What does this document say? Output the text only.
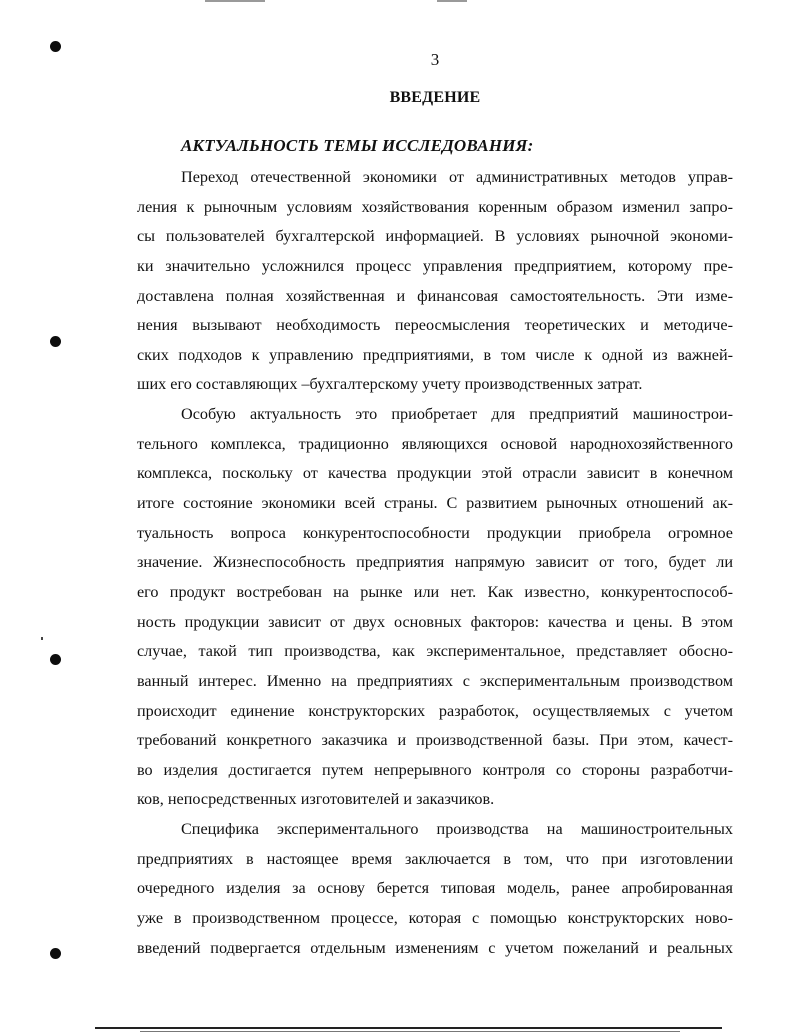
3
ВВЕДЕНИЕ
АКТУАЛЬНОСТЬ ТЕМЫ ИССЛЕДОВАНИЯ:

Переход отечественной экономики от административных методов управ-
ления к рыночным условиям хозяйствования коренным образом изменил запро-
сы пользователей бухгалтерской информацией. В условиях рыночной экономи-
ки значительно усложнился процесс управления предприятием, которому пре-
доставлена полная хозяйственная и финансовая самостоятельность. Эти изме-
нения вызывают необходимость переосмысления теоретических и методиче-
ских подходов к управлению предприятиями, в том числе к одной из важней-
ших его составляющих –бухгалтерскому учету производственных затрат.

Особую актуальность это приобретает для предприятий машинострои-
тельного комплекса, традиционно являющихся основой народнохозяйственного
комплекса, поскольку от качества продукции этой отрасли зависит в конечном
итоге состояние экономики всей страны. С развитием рыночных отношений ак-
туальность вопроса конкурентоспособности продукции приобрела огромное
значение. Жизнеспособность предприятия напрямую зависит от того, будет ли
его продукт востребован на рынке или нет. Как известно, конкурентоспособ-
ность продукции зависит от двух основных факторов: качества и цены. В этом
случае, такой тип производства, как экспериментальное, представляет обосно-
ванный интерес. Именно на предприятиях с экспериментальным производством
происходит единение конструкторских разработок, осуществляемых с учетом
требований конкретного заказчика и производственной базы. При этом, качест-
во изделия достигается путем непрерывного контроля со стороны разработчи-
ков, непосредственных изготовителей и заказчиков.

Специфика экспериментального производства на машиностроительных
предприятиях в настоящее время заключается в том, что при изготовлении
очередного изделия за основу берется типовая модель, ранее апробированная
уже в производственном процессе, которая с помощью конструкторских ново-
введений подвергается отдельным изменениям с учетом пожеланий и реальных
